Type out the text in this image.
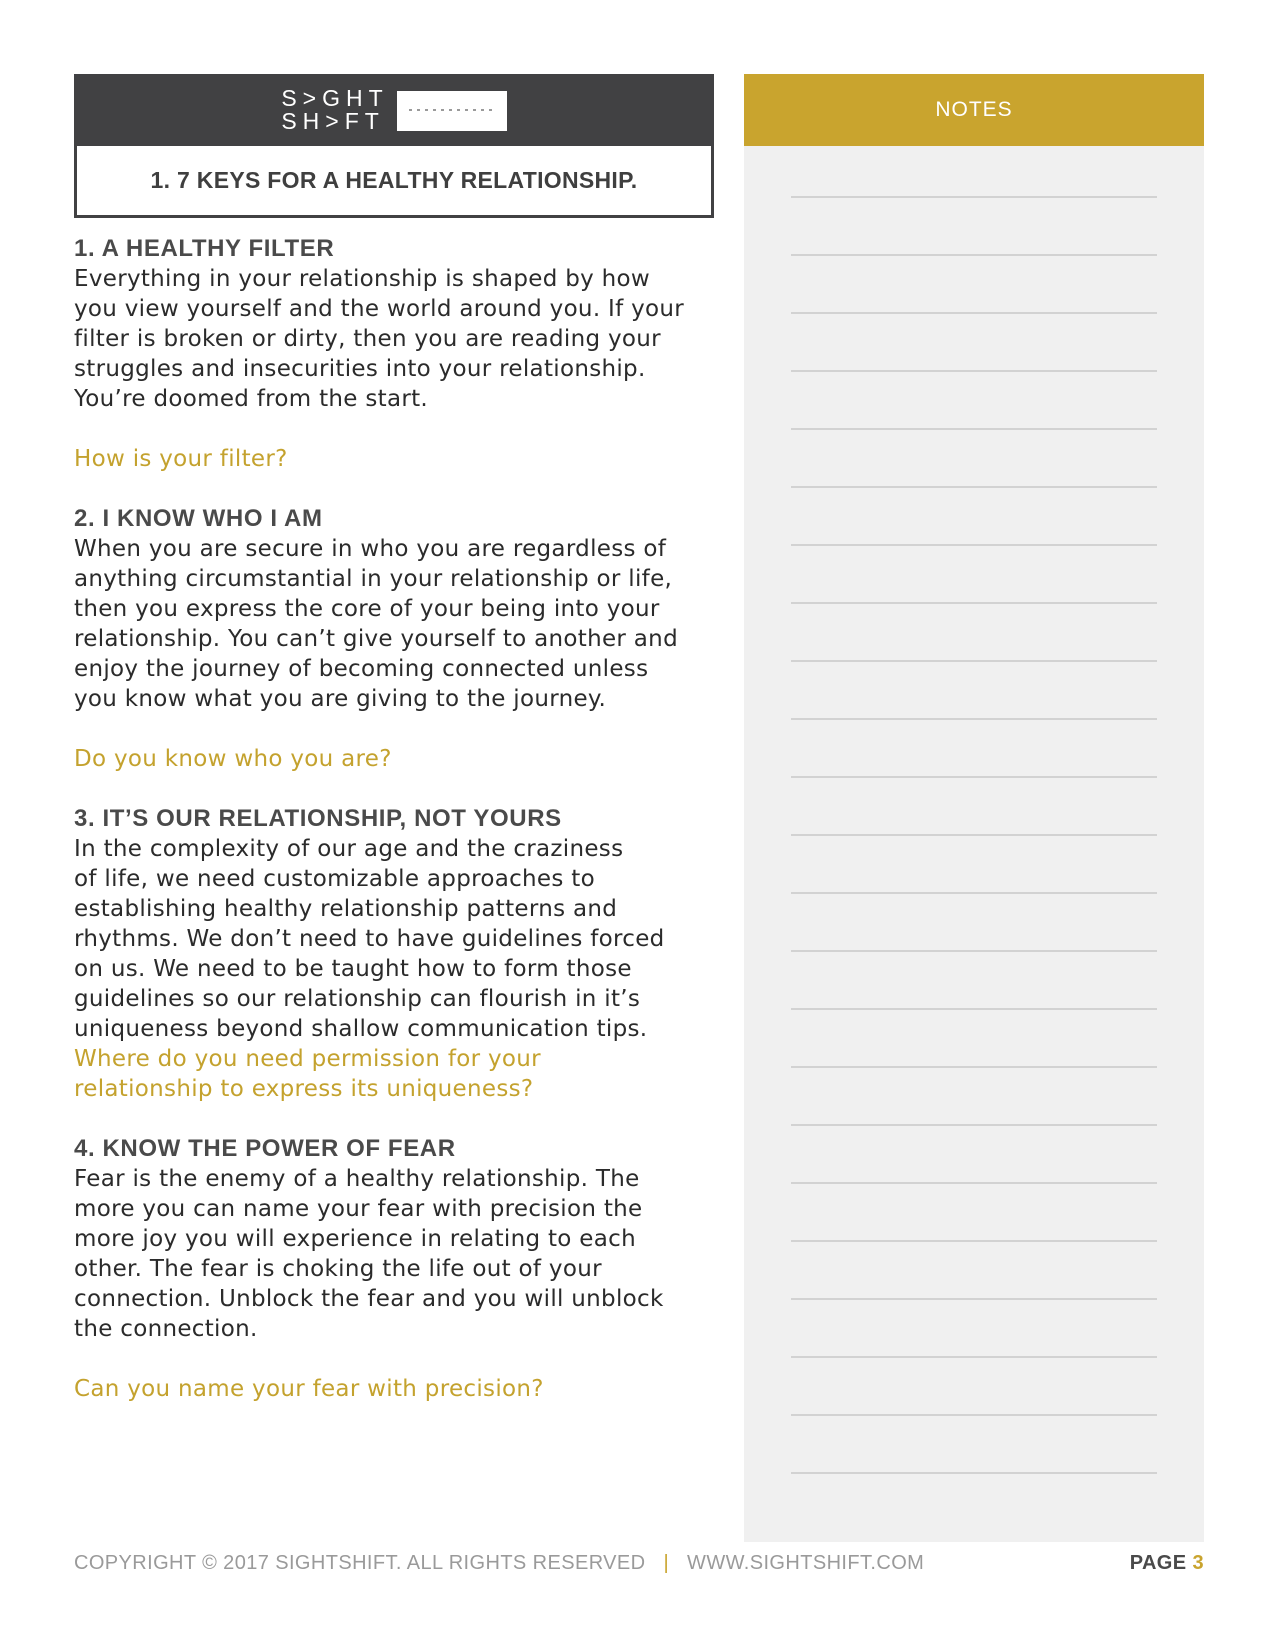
S>GHT
SH>FT
1. 7 KEYS FOR A HEALTHY RELATIONSHIP.
1. A HEALTHY FILTER
Everything in your relationship is shaped by how
you view yourself and the world around you. If your
filter is broken or dirty, then you are reading your
struggles and insecurities into your relationship.
You’re doomed from the start.
How is your filter?
2. I KNOW WHO I AM
When you are secure in who you are regardless of
anything circumstantial in your relationship or life,
then you express the core of your being into your
relationship. You can’t give yourself to another and
enjoy the journey of becoming connected unless
you know what you are giving to the journey.
Do you know who you are?
3. IT’S OUR RELATIONSHIP, NOT YOURS
In the complexity of our age and the craziness
of life, we need customizable approaches to
establishing healthy relationship patterns and
rhythms. We don’t need to have guidelines forced
on us. We need to be taught how to form those
guidelines so our relationship can flourish in it’s
uniqueness beyond shallow communication tips.
Where do you need permission for your
relationship to express its uniqueness?
4. KNOW THE POWER OF FEAR
Fear is the enemy of a healthy relationship. The
more you can name your fear with precision the
more joy you will experience in relating to each
other. The fear is choking the life out of your
connection. Unblock the fear and you will unblock
the connection.
Can you name your fear with precision?
NOTES
COPYRIGHT © 2017 SIGHTSHIFT. ALL RIGHTS RESERVED | WWW.SIGHTSHIFT.COM	PAGE 3
